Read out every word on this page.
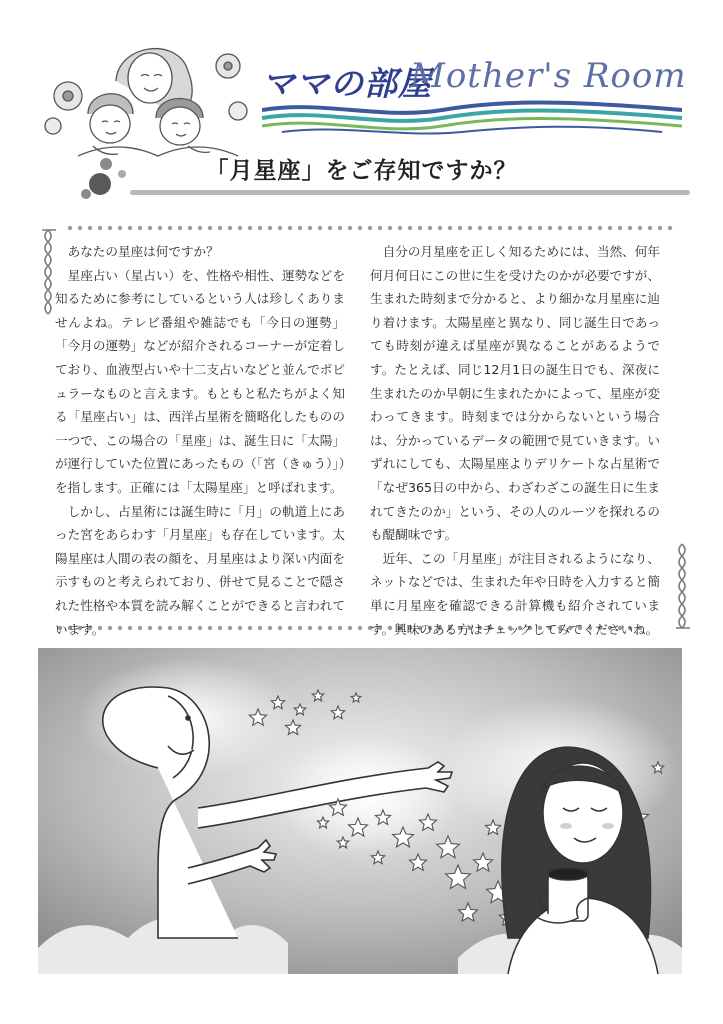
ママの部屋
Mother's Room
「月星座」をご存知ですか？

あなたの星座は何ですか？

星座占い（星占い）を、性格や相性、運勢などを知るために参考にしているという人は珍しくありませんよね。テレビ番組や雑誌でも「今日の運勢」「今月の運勢」などが紹介されるコーナーが定着しており、血液型占いや十二支占いなどと並んでポピュラーなものと言えます。もともと私たちがよく知る「星座占い」は、西洋占星術を簡略化したものの一つで、この場合の「星座」は、誕生日に「太陽」が運行していた位置にあったもの（「宮（きゅう）」）を指します。正確には「太陽星座」と呼ばれます。

しかし、占星術には誕生時に「月」の軌道上にあった宮をあらわす「月星座」も存在しています。太陽星座は人間の表の顔を、月星座はより深い内面を示すものと考えられており、併せて見ることで隠された性格や本質を読み解くことができると言われています。

自分の月星座を正しく知るためには、当然、何年何月何日にこの世に生を受けたのかが必要ですが、生まれた時刻まで分かると、より細かな月星座に辿り着けます。太陽星座と異なり、同じ誕生日であっても時刻が違えば星座が異なることがあるようです。たとえば、同じ12月1日の誕生日でも、深夜に生まれたのか早朝に生まれたかによって、星座が変わってきます。時刻までは分からないという場合は、分かっているデータの範囲で見ていきます。いずれにしても、太陽星座よりデリケートな占星術で「なぜ365日の中から、わざわざこの誕生日に生まれてきたのか」という、その人のルーツを探れるのも醍醐味です。

近年、この「月星座」が注目されるようになり、ネットなどでは、生まれた年や日時を入力すると簡単に月星座を確認できる計算機も紹介されています。興味のある方はチェックしてみてくださいね。
